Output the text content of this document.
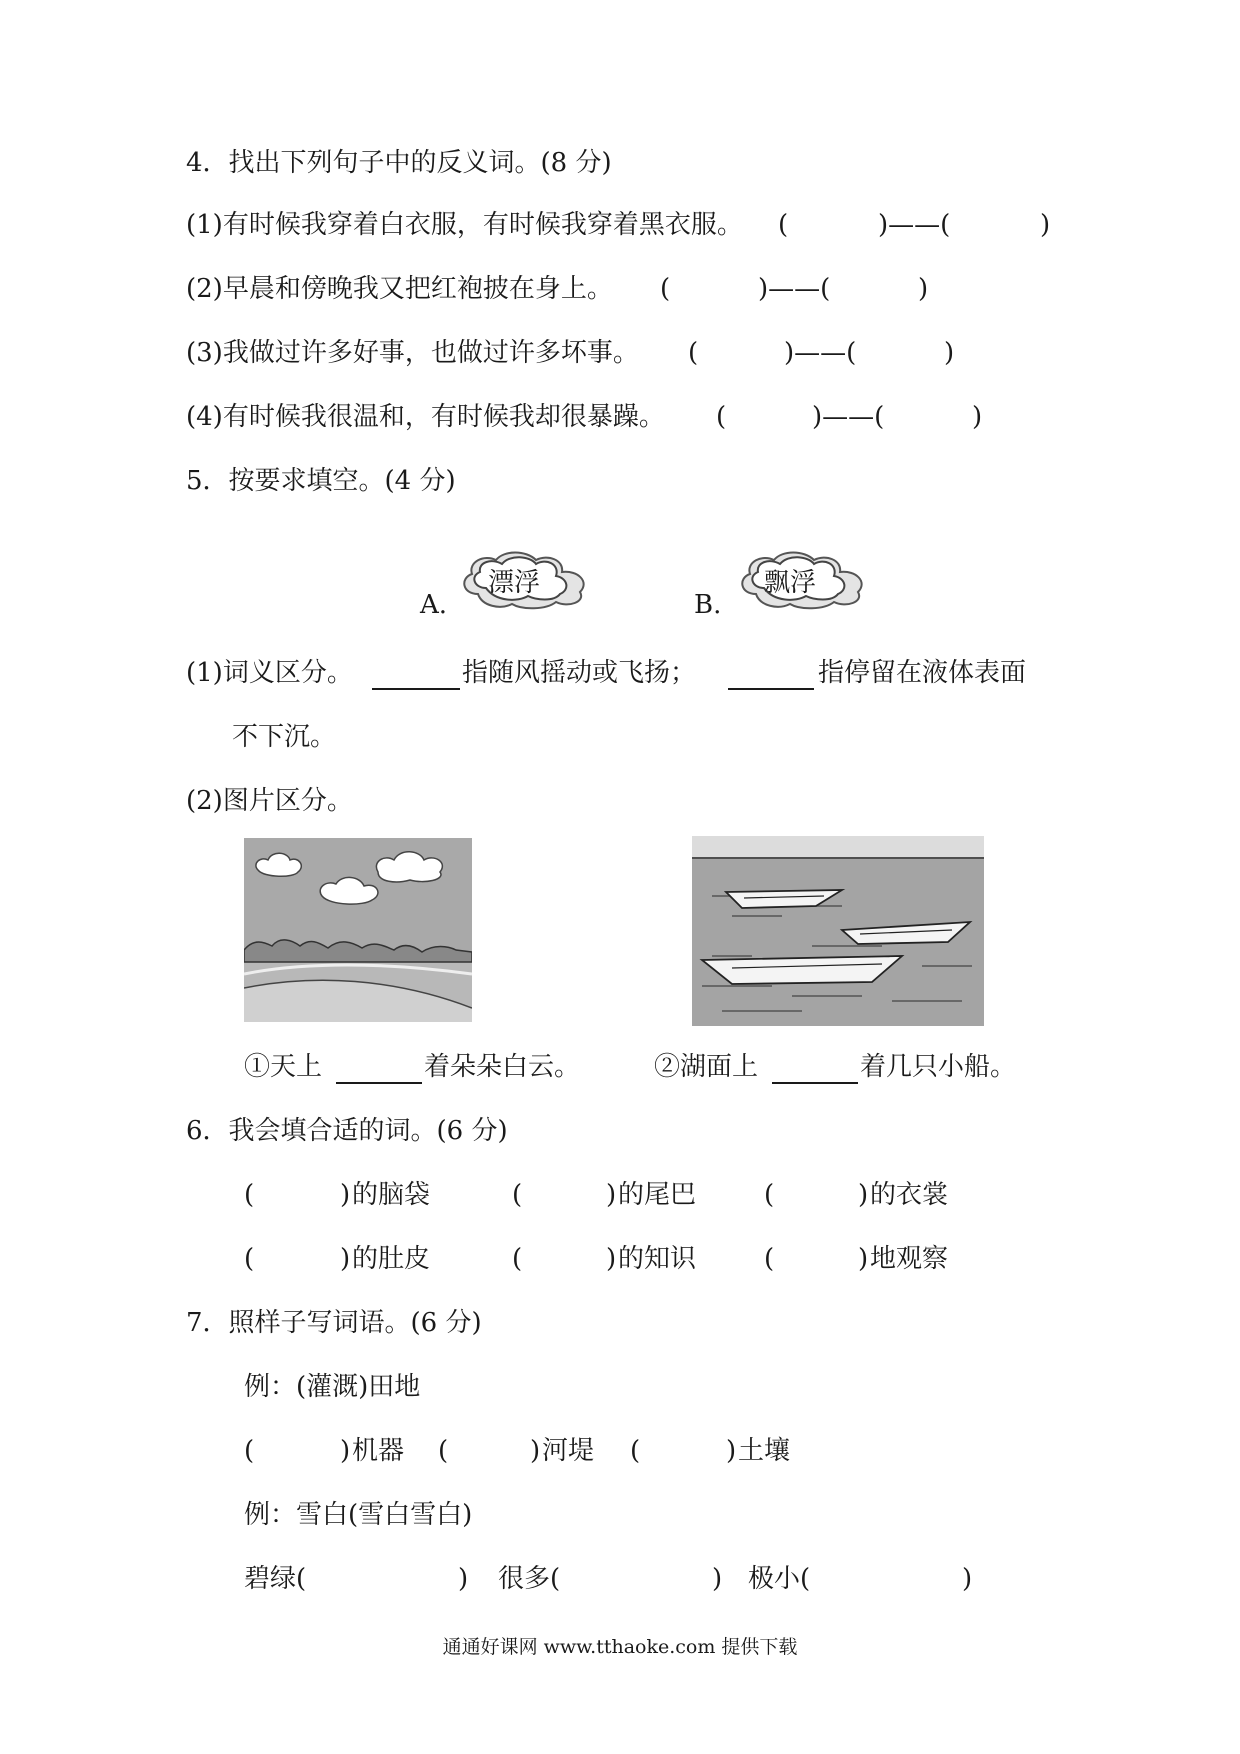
4．找出下列句子中的反义词。(8 分)
(1)有时候我穿着白衣服，有时候我穿着黑衣服。 (	)——(	)
(2)早晨和傍晚我又把红袍披在身上。 (	)——(	)
(3)我做过许多好事，也做过许多坏事。 (	)——(	)
(4)有时候我很温和，有时候我却很暴躁。 (	)——(	)
5．按要求填空。(4 分)
A.
漂浮
B.
飘浮
(1)词义区分。	指随风摇动或飞扬；	指停留在液体表面
不下沉。
(2)图片区分。
①天上	着朵朵白云。	②湖面上	着几只小船。
6．我会填合适的词。(6 分)
(	) 的脑袋	(	) 的尾巴	(	) 的衣裳
(	) 的肚皮	(	) 的知识	(	) 地观察
7．照样子写词语。(6 分)
例：(灌溉)田地
(	) 机器 (	) 河堤 (	) 土壤
例：雪白(雪白雪白)
碧绿(	) 很多(	) 极小(	)
通通好课网 www.tthaoke.com 提供下载
